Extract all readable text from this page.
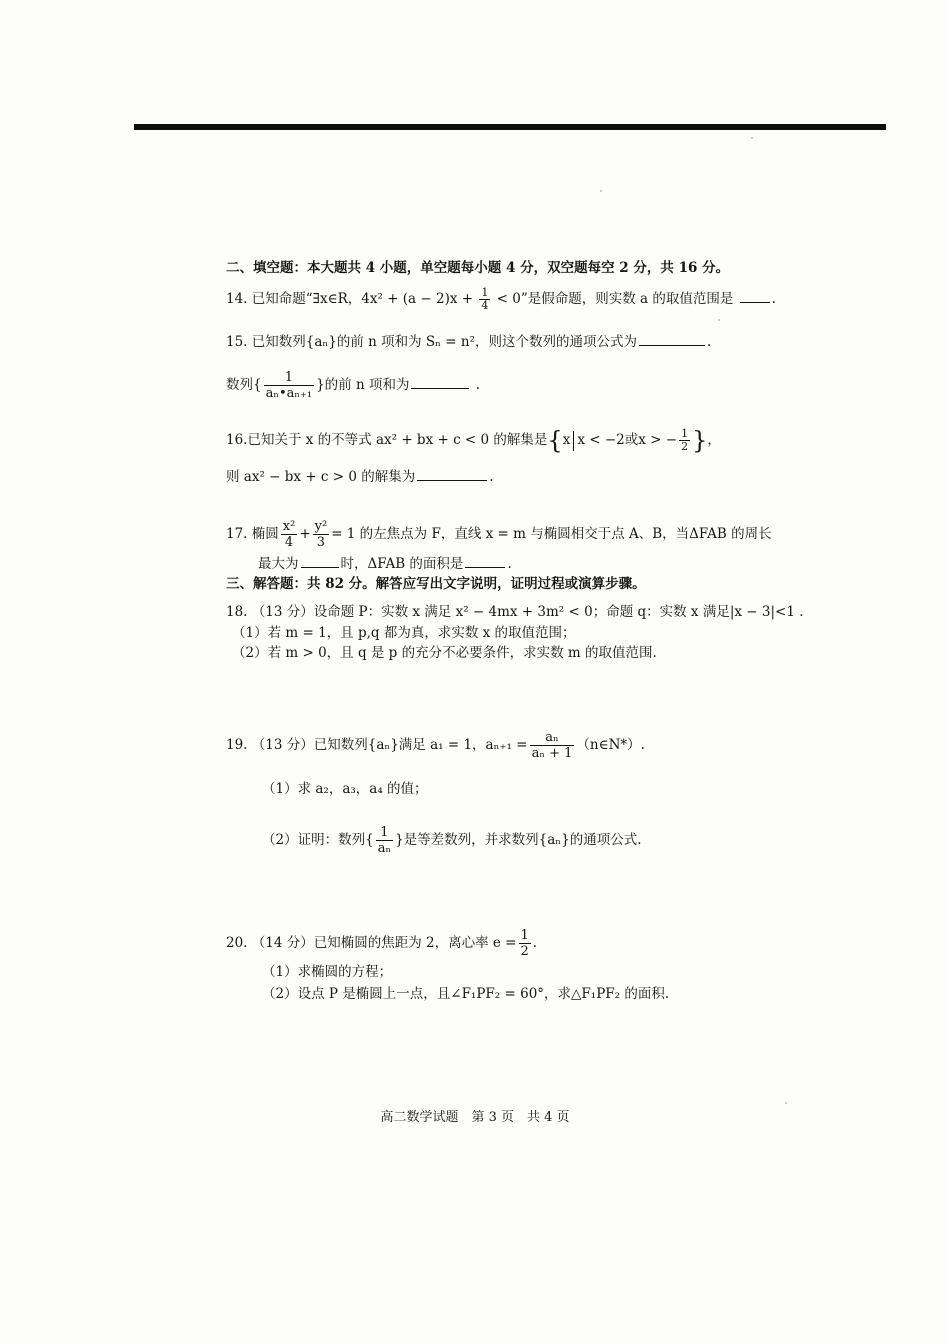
二、填空题：本大题共 4 小题，单空题每小题 4 分，双空题每空 2 分，共 16 分。
14. 已知命题“∃x∈R，$4x^2 + (a - 2)x + \frac{1}{4} < 0$”是假命题，则实数 a 的取值范围是	.
15. 已知数列{aₙ}的前 n 项和为 Sₙ = n²，则这个数列的通项公式为	.
数列{ $\frac{1}{\text{aₙ•aₙ₊₁}}$ }的前 n 项和为	.
16.已知关于 x 的不等式 ax² + bx + c < 0 的解集是{x x < −2或x > − $\frac{1}{2}$ }，
则 ax² − bx + c > 0 的解集为	.
17. 椭圆 $\frac{\text{x²}}{4} + \frac{\text{y²}}{3} = 1$ 的左焦点为 F，直线 x = m 与椭圆相交于点 A、B，当ΔFAB 的周长
最大为	时，ΔFAB 的面积是	.
三、解答题：共 82 分。解答应写出文字说明，证明过程或演算步骤。
18. （13 分）设命题 P：实数 x 满足 x² − 4mx + 3m² < 0；命题 q：实数 x 满足|x − 3|<1 .
（1）若 m = 1，且 p,q 都为真，求实数 x 的取值范围；
（2）若 m > 0，且 q 是 p 的充分不必要条件，求实数 m 的取值范围.
19. （13 分）已知数列{aₙ}满足 a₁ = 1，$a_{n+1} = \frac{\text{aₙ}}{\text{aₙ + 1}}$ （n∈N*）.
（1）求 a₂，a₃，a₄ 的值；
（2）证明：数列{ $\frac{1}{\text{aₙ}}$ }是等差数列，并求数列{aₙ}的通项公式.
20. （14 分）已知椭圆的焦距为 2，离心率 $e = \frac{1}{2}$ .
（1）求椭圆的方程；
（2）设点 P 是椭圆上一点，且∠F₁PF₂ = 60°，求△F₁PF₂ 的面积.
高二数学试题　第 3 页　共 4 页
